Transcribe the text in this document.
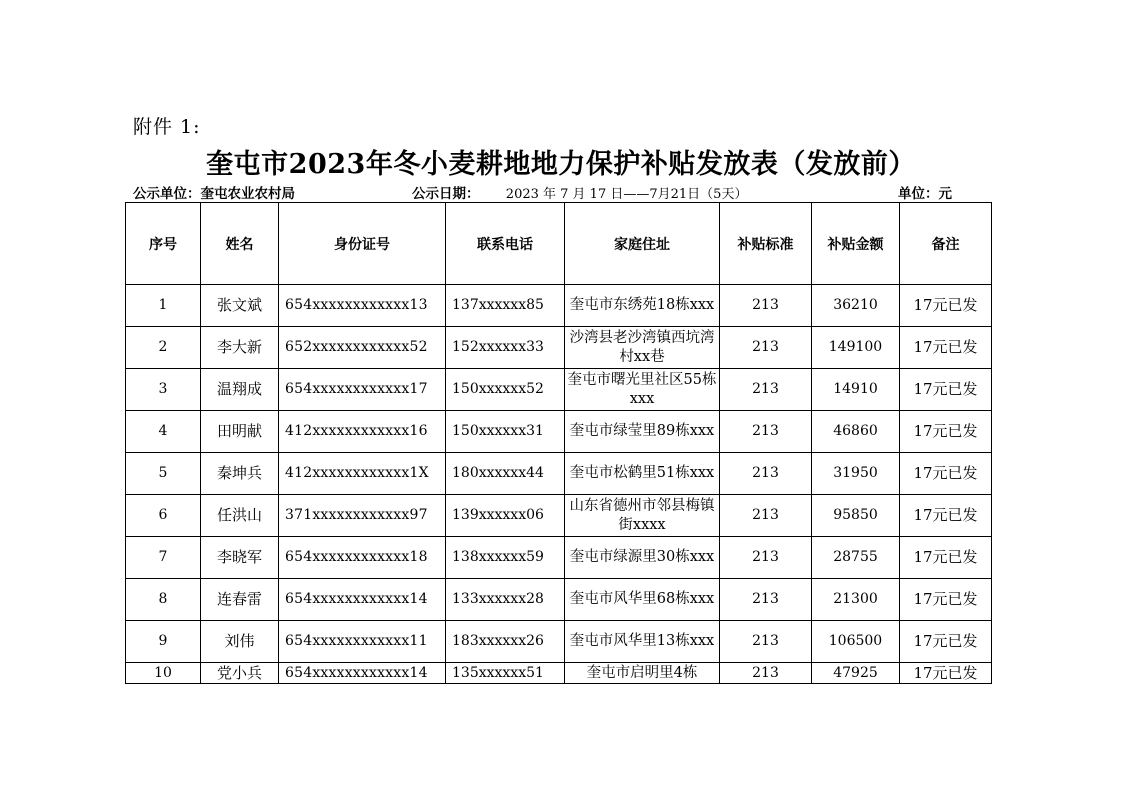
附件 1:
奎屯市2023年冬小麦耕地地力保护补贴发放表（发放前）
公示单位：奎屯农业农村局	公示日期： 2023 年 7 月 17 日——7月21日（5天）	单位：元
序号	姓名	身份证号	联系电话	家庭住址	补贴标准	补贴金额	备注
1	张文斌	654xxxxxxxxxxxx13	137xxxxxx85	奎屯市东绣苑18栋xxx	213	36210	17元已发
2	李大新	652xxxxxxxxxxxx52	152xxxxxx33	沙湾县老沙湾镇西坑湾村xx巷	213	149100	17元已发
3	温翔成	654xxxxxxxxxxxx17	150xxxxxx52	奎屯市曙光里社区55栋xxx	213	14910	17元已发
4	田明献	412xxxxxxxxxxxx16	150xxxxxx31	奎屯市绿莹里89栋xxx	213	46860	17元已发
5	秦坤兵	412xxxxxxxxxxxx1X	180xxxxxx44	奎屯市松鹤里51栋xxx	213	31950	17元已发
6	任洪山	371xxxxxxxxxxxx97	139xxxxxx06	山东省德州市邻县梅镇街xxxx	213	95850	17元已发
7	李晓军	654xxxxxxxxxxxx18	138xxxxxx59	奎屯市绿源里30栋xxx	213	28755	17元已发
8	连春雷	654xxxxxxxxxxxx14	133xxxxxx28	奎屯市风华里68栋xxx	213	21300	17元已发
9	刘伟	654xxxxxxxxxxxx11	183xxxxxx26	奎屯市风华里13栋xxx	213	106500	17元已发
10	党小兵	654xxxxxxxxxxxx14	135xxxxxx51	奎屯市启明里4栋	213	47925	17元已发
